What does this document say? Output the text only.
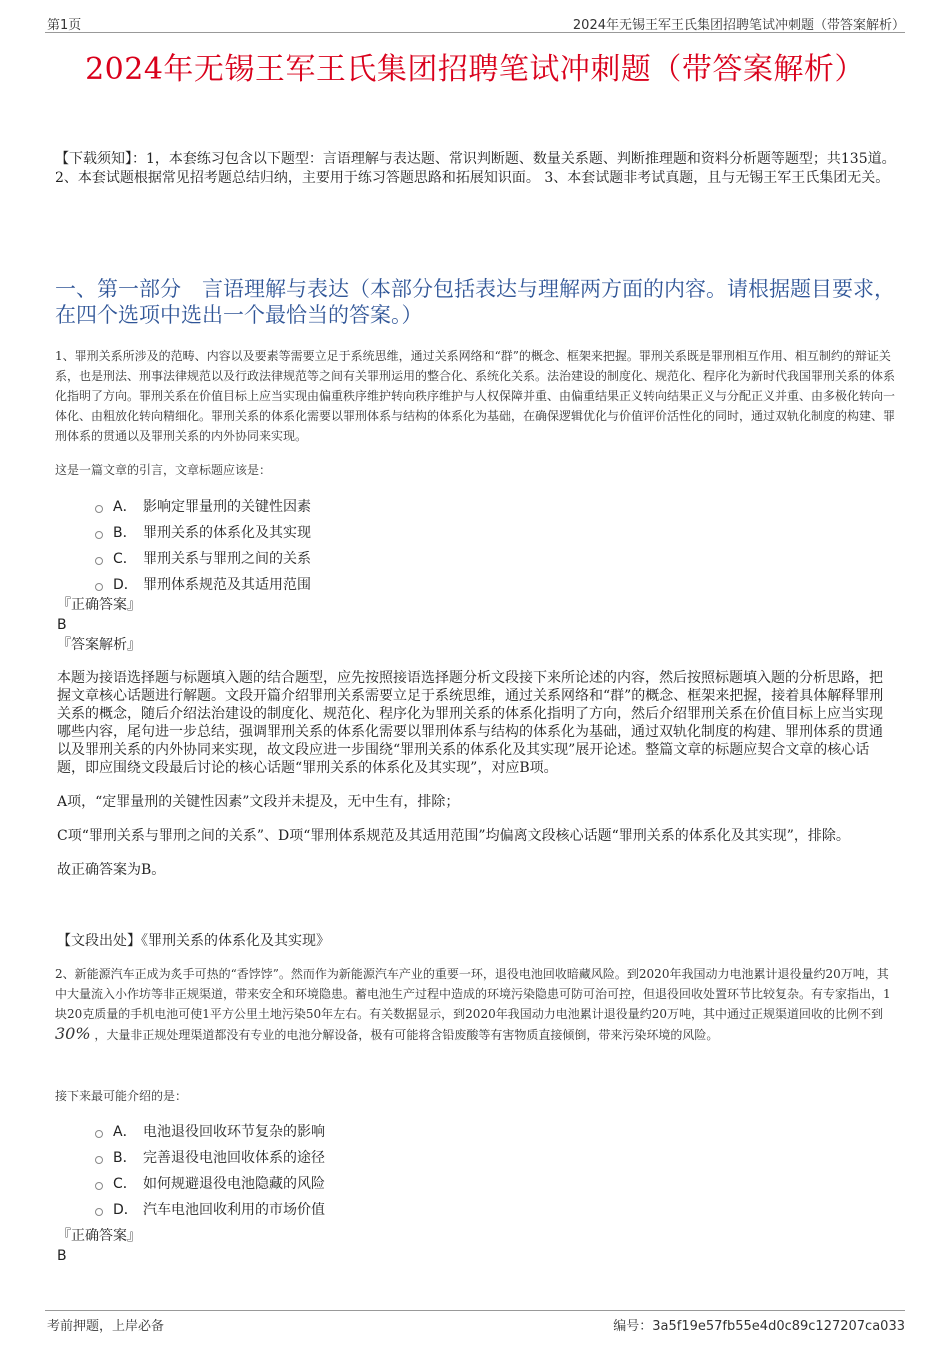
第1页	2024年无锡王军王氏集团招聘笔试冲刺题（带答案解析）
2024年无锡王军王氏集团招聘笔试冲刺题（带答案解析）
【下载须知】：1，本套练习包含以下题型：言语理解与表达题、常识判断题、数量关系题、判断推理题和资料分析题等题型；共135道。 2、本套试题根据常见招考题总结归纳，主要用于练习答题思路和拓展知识面。 3、本套试题非考试真题，且与无锡王军王氏集团无关。
一、第一部分　言语理解与表达（本部分包括表达与理解两方面的内容。请根据题目要求，在四个选项中选出一个最恰当的答案。）
1、罪刑关系所涉及的范畴、内容以及要素等需要立足于系统思维，通过关系网络和“群”的概念、框架来把握。罪刑关系既是罪刑相互作用、相互制约的辩证关系，也是刑法、刑事法律规范以及行政法律规范等之间有关罪刑运用的整合化、系统化关系。法治建设的制度化、规范化、程序化为新时代我国罪刑关系的体系化指明了方向。罪刑关系在价值目标上应当实现由偏重秩序维护转向秩序维护与人权保障并重、由偏重结果正义转向结果正义与分配正义并重、由多极化转向一体化、由粗放化转向精细化。罪刑关系的体系化需要以罪刑体系与结构的体系化为基础，在确保逻辑优化与价值评价活性化的同时，通过双轨化制度的构建、罪刑体系的贯通以及罪刑关系的内外协同来实现。
这是一篇文章的引言，文章标题应该是：
A． 影响定罪量刑的关键性因素
B． 罪刑关系的体系化及其实现
C． 罪刑关系与罪刑之间的关系
D． 罪刑体系规范及其适用范围
『正确答案』
B
『答案解析』

本题为接语选择题与标题填入题的结合题型，应先按照接语选择题分析文段接下来所论述的内容，然后按照标题填入题的分析思路，把握文章核心话题进行解题。文段开篇介绍罪刑关系需要立足于系统思维，通过关系网络和“群”的概念、框架来把握，接着具体解释罪刑关系的概念，随后介绍法治建设的制度化、规范化、程序化为罪刑关系的体系化指明了方向，然后介绍罪刑关系在价值目标上应当实现哪些内容，尾句进一步总结，强调罪刑关系的体系化需要以罪刑体系与结构的体系化为基础，通过双轨化制度的构建、罪刑体系的贯通以及罪刑关系的内外协同来实现，故文段应进一步围绕“罪刑关系的体系化及其实现”展开论述。整篇文章的标题应契合文章的核心话题，即应围绕文段最后讨论的核心话题“罪刑关系的体系化及其实现”，对应B项。

A项，“定罪量刑的关键性因素”文段并未提及，无中生有，排除；

C项“罪刑关系与罪刑之间的关系”、D项“罪刑体系规范及其适用范围”均偏离文段核心话题“罪刑关系的体系化及其实现”，排除。

故正确答案为B。

【文段出处】《罪刑关系的体系化及其实现》
2、新能源汽车正成为炙手可热的“香饽饽”。然而作为新能源汽车产业的重要一环，退役电池回收暗藏风险。到2020年我国动力电池累计退役量约20万吨，其中大量流入小作坊等非正规渠道，带来安全和环境隐患。蓄电池生产过程中造成的环境污染隐患可防可治可控，但退役回收处置环节比较复杂。有专家指出，1块20克质量的手机电池可使1平方公里土地污染50年左右。有关数据显示，到2020年我国动力电池累计退役量约20万吨，其中通过正规渠道回收的比例不到 30% ，大量非正规处理渠道都没有专业的电池分解设备，极有可能将含铅废酸等有害物质直接倾倒，带来污染环境的风险。
接下来最可能介绍的是：
A． 电池退役回收环节复杂的影响
B． 完善退役电池回收体系的途径
C． 如何规避退役电池隐藏的风险
D． 汽车电池回收利用的市场价值
『正确答案』
B
考前押题，上岸必备	编号：3a5f19e57fb55e4d0c89c127207ca033
